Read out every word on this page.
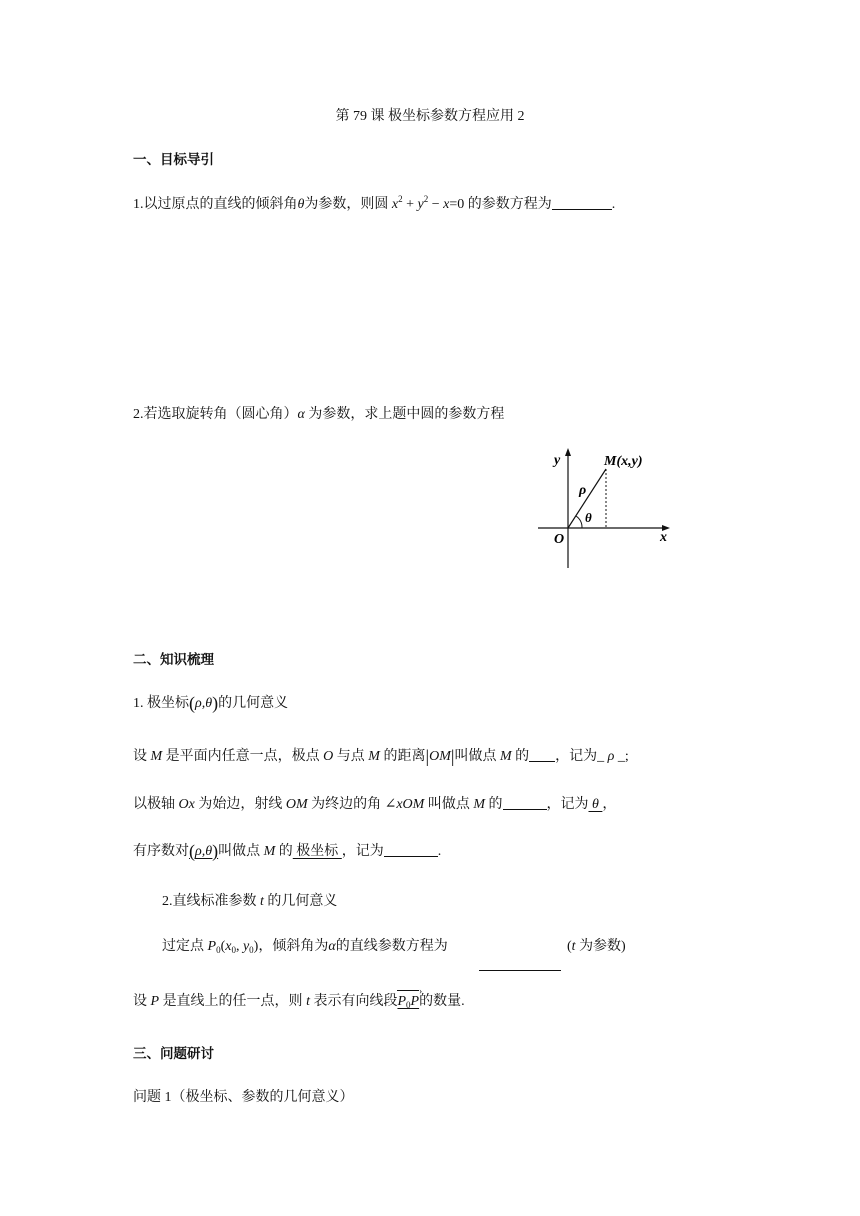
第 79 课 极坐标参数方程应用 2
一、目标导引
1.以过原点的直线的倾斜角θ为参数，则圆 $x^2 + y^2 - x=0$ 的参数方程为	.
2.若选取旋转角（圆心角）α 为参数，求上题中圆的参数方程
y
x
O
M(x,y)
ρ
θ
二、知识梳理
1. 极坐标(ρ,θ)的几何意义
设 M 是平面内任意一点，极点 O 与点 M 的距离|OM|叫做点 M 的 ，记为_ ρ _;
以极轴 Ox 为始边，射线 OM 为终边的角 ∠xOM 叫做点 M 的	，记为 θ ，
有序数对(ρ,θ)叫做点 M 的 极坐标 ，记为	.
2.直线标准参数 t 的几何意义
过定点 $P_0(x_0$, $y_0$)，倾斜角为α的直线参数方程为	(t 为参数)
设 P 是直线上的任一点，则 t 表示有向线段
›
$P_0P$的数量.
三、问题研讨
问题 1（极坐标、参数的几何意义）
